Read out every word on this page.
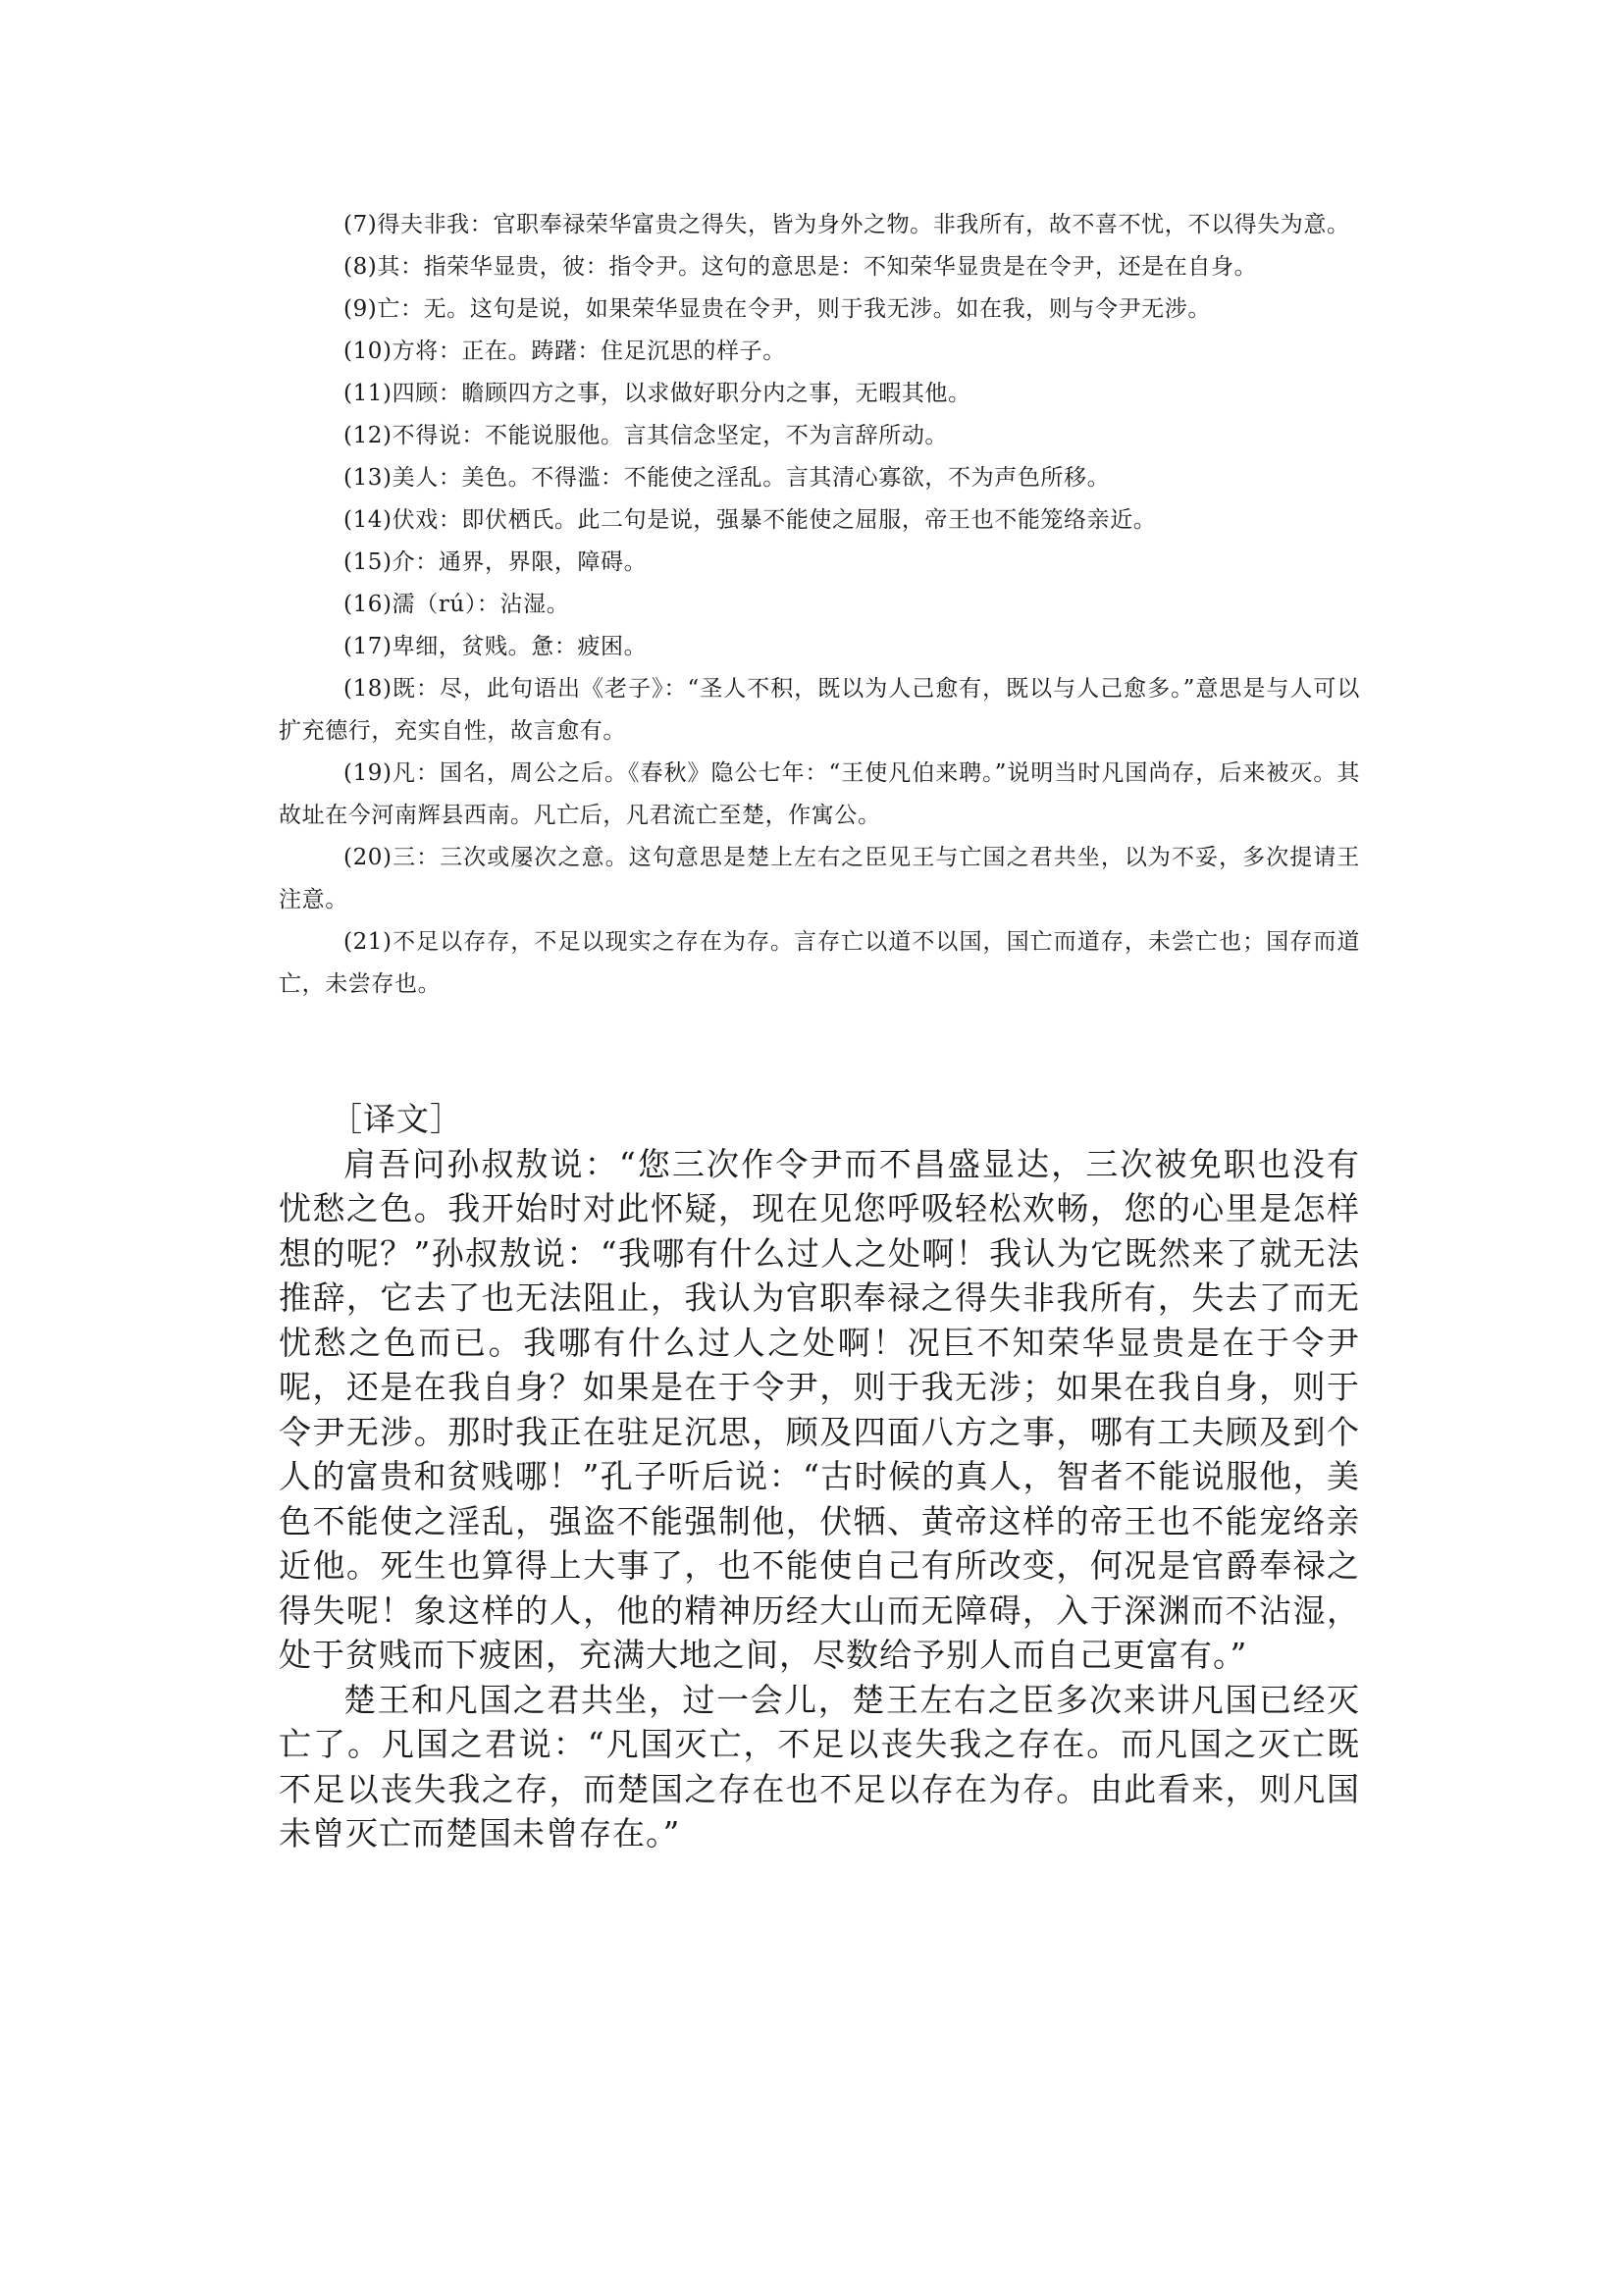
(7)得夫非我：官职奉禄荣华富贵之得失，皆为身外之物。非我所有，故不喜不忧，不以得失为意。

(8)其：指荣华显贵，彼：指令尹。这句的意思是：不知荣华显贵是在令尹，还是在自身。

(9)亡：无。这句是说，如果荣华显贵在令尹，则于我无涉。如在我，则与令尹无涉。

(10)方将：正在。踌躇：住足沉思的样子。

(11)四顾：瞻顾四方之事，以求做好职分内之事，无暇其他。

(12)不得说：不能说服他。言其信念坚定，不为言辞所动。

(13)美人：美色。不得滥：不能使之淫乱。言其清心寡欲，不为声色所移。

(14)伏戏：即伏栖氏。此二句是说，强暴不能使之屈服，帝王也不能笼络亲近。

(15)介：通界，界限，障碍。

(16)濡（rú）：沾湿。

(17)卑细，贫贱。惫：疲困。

(18)既：尽，此句语出《老子》：“圣人不积，既以为人己愈有，既以与人己愈多。”意思是与人可以扩充德行，充实自性，故言愈有。

(19)凡：国名，周公之后。《春秋》隐公七年：“王使凡伯来聘。”说明当时凡国尚存，后来被灭。其故址在今河南辉县西南。凡亡后，凡君流亡至楚，作寓公。

(20)三：三次或屡次之意。这句意思是楚上左右之臣见王与亡国之君共坐，以为不妥，多次提请王注意。

(21)不足以存存，不足以现实之存在为存。言存亡以道不以国，国亡而道存，未尝亡也；国存而道亡，未尝存也。

［译文］

肩吾问孙叔敖说：“您三次作令尹而不昌盛显达，三次被免职也没有忧愁之色。我开始时对此怀疑，现在见您呼吸轻松欢畅，您的心里是怎样想的呢？”孙叔敖说：“我哪有什么过人之处啊！我认为它既然来了就无法推辞，它去了也无法阻止，我认为官职奉禄之得失非我所有，失去了而无忧愁之色而已。我哪有什么过人之处啊！况巨不知荣华显贵是在于令尹呢，还是在我自身？如果是在于令尹，则于我无涉；如果在我自身，则于令尹无涉。那时我正在驻足沉思，顾及四面八方之事，哪有工夫顾及到个人的富贵和贫贱哪！”孔子听后说：“古时候的真人，智者不能说服他，美色不能使之淫乱，强盗不能强制他，伏牺、黄帝这样的帝王也不能宠络亲近他。死生也算得上大事了，也不能使自己有所改变，何况是官爵奉禄之得失呢！象这样的人，他的精神历经大山而无障碍，入于深渊而不沾湿，处于贫贱而下疲困，充满大地之间，尽数给予别人而自己更富有。”

楚王和凡国之君共坐，过一会儿，楚王左右之臣多次来讲凡国已经灭亡了。凡国之君说：“凡国灭亡，不足以丧失我之存在。而凡国之灭亡既不足以丧失我之存，而楚国之存在也不足以存在为存。由此看来，则凡国未曾灭亡而楚国未曾存在。”
